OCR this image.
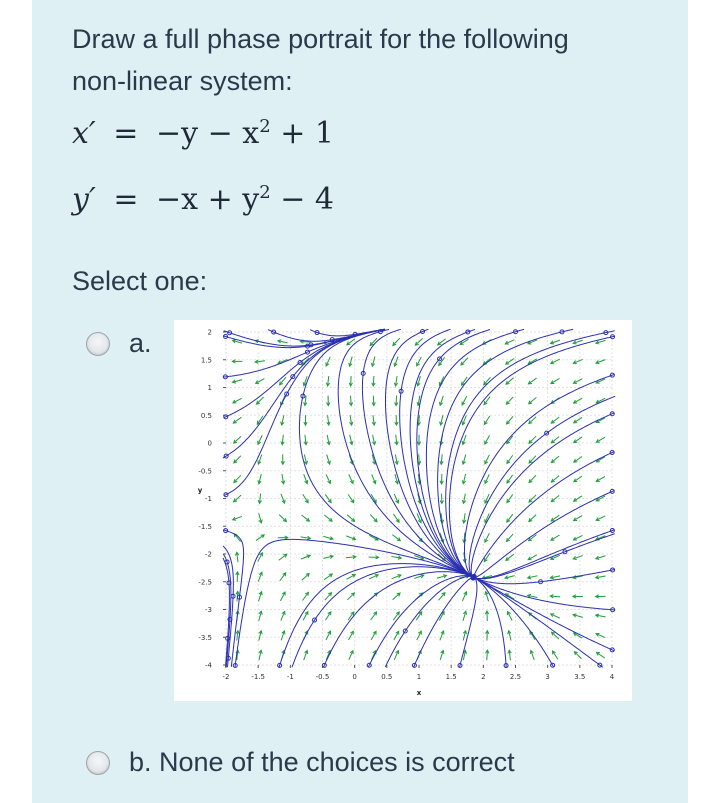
Draw a full phase portrait for the following
non-linear system:
$x' = -y - x^2 + 1$
$y' = -x + y^2 - 4$
Select one:
a.
-2	-1.5	-1	-0.5	0	0.5	1	1.5	2	2.5	3	3.5	4
2
1.5
1
0.5
0
-0.5
-1
-1.5
-2
-2.5
-3
-3.5
-4
x
y
b. None of the choices is correct
